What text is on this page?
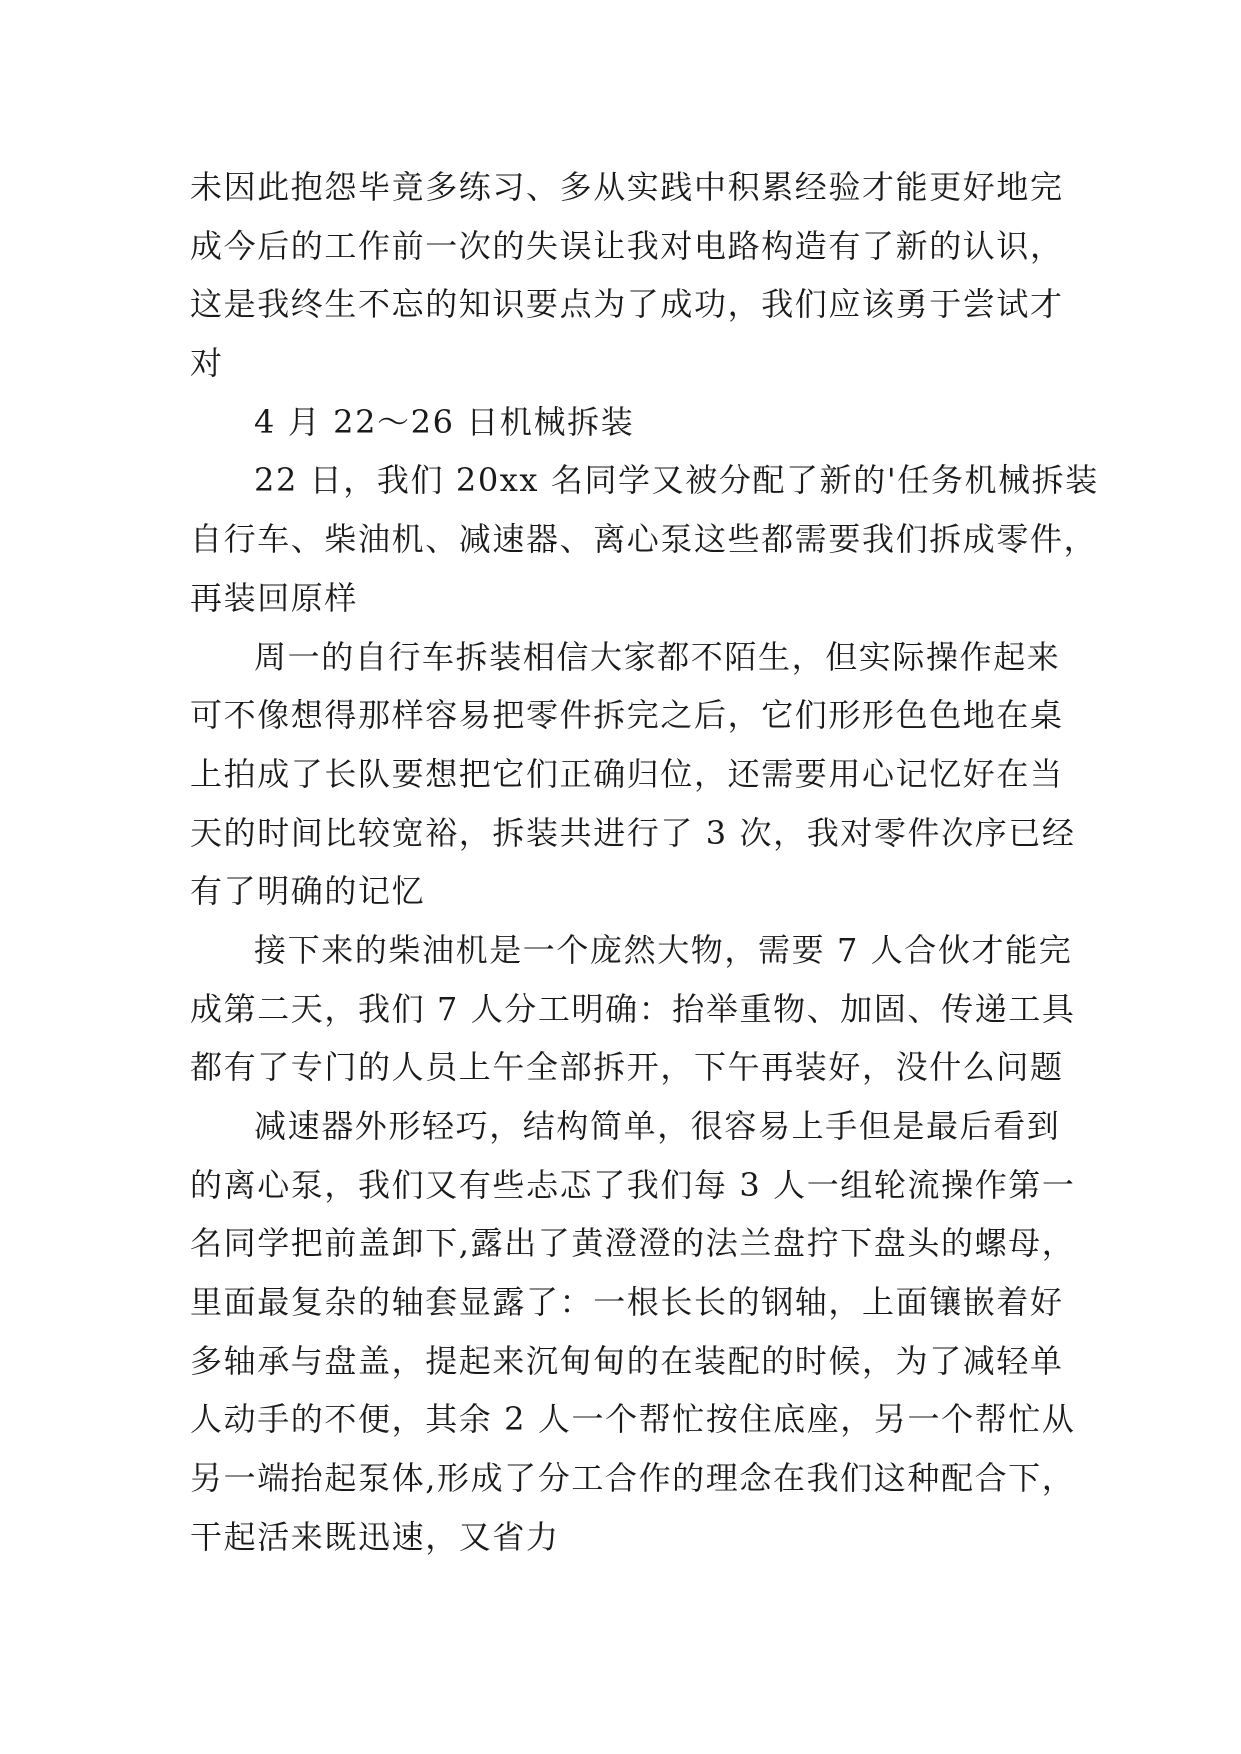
未因此抱怨毕竟多练习、多从实践中积累经验才能更好地完
成今后的工作前一次的失误让我对电路构造有了新的认识，
这是我终生不忘的知识要点为了成功，我们应该勇于尝试才
对
4 月 22～26 日机械拆装
22 日，我们 20xx 名同学又被分配了新的'任务机械拆装
自行车、柴油机、减速器、离心泵这些都需要我们拆成零件，
再装回原样
周一的自行车拆装相信大家都不陌生，但实际操作起来
可不像想得那样容易把零件拆完之后，它们形形色色地在桌
上拍成了长队要想把它们正确归位，还需要用心记忆好在当
天的时间比较宽裕，拆装共进行了 3 次，我对零件次序已经
有了明确的记忆
接下来的柴油机是一个庞然大物，需要 7 人合伙才能完
成第二天，我们 7 人分工明确：抬举重物、加固、传递工具
都有了专门的人员上午全部拆开，下午再装好，没什么问题
减速器外形轻巧，结构简单，很容易上手但是最后看到
的离心泵，我们又有些忐忑了我们每 3 人一组轮流操作第一
名同学把前盖卸下,露出了黄澄澄的法兰盘拧下盘头的螺母，
里面最复杂的轴套显露了：一根长长的钢轴，上面镶嵌着好
多轴承与盘盖，提起来沉甸甸的在装配的时候，为了减轻单
人动手的不便，其余 2 人一个帮忙按住底座，另一个帮忙从
另一端抬起泵体,形成了分工合作的理念在我们这种配合下，
干起活来既迅速，又省力
